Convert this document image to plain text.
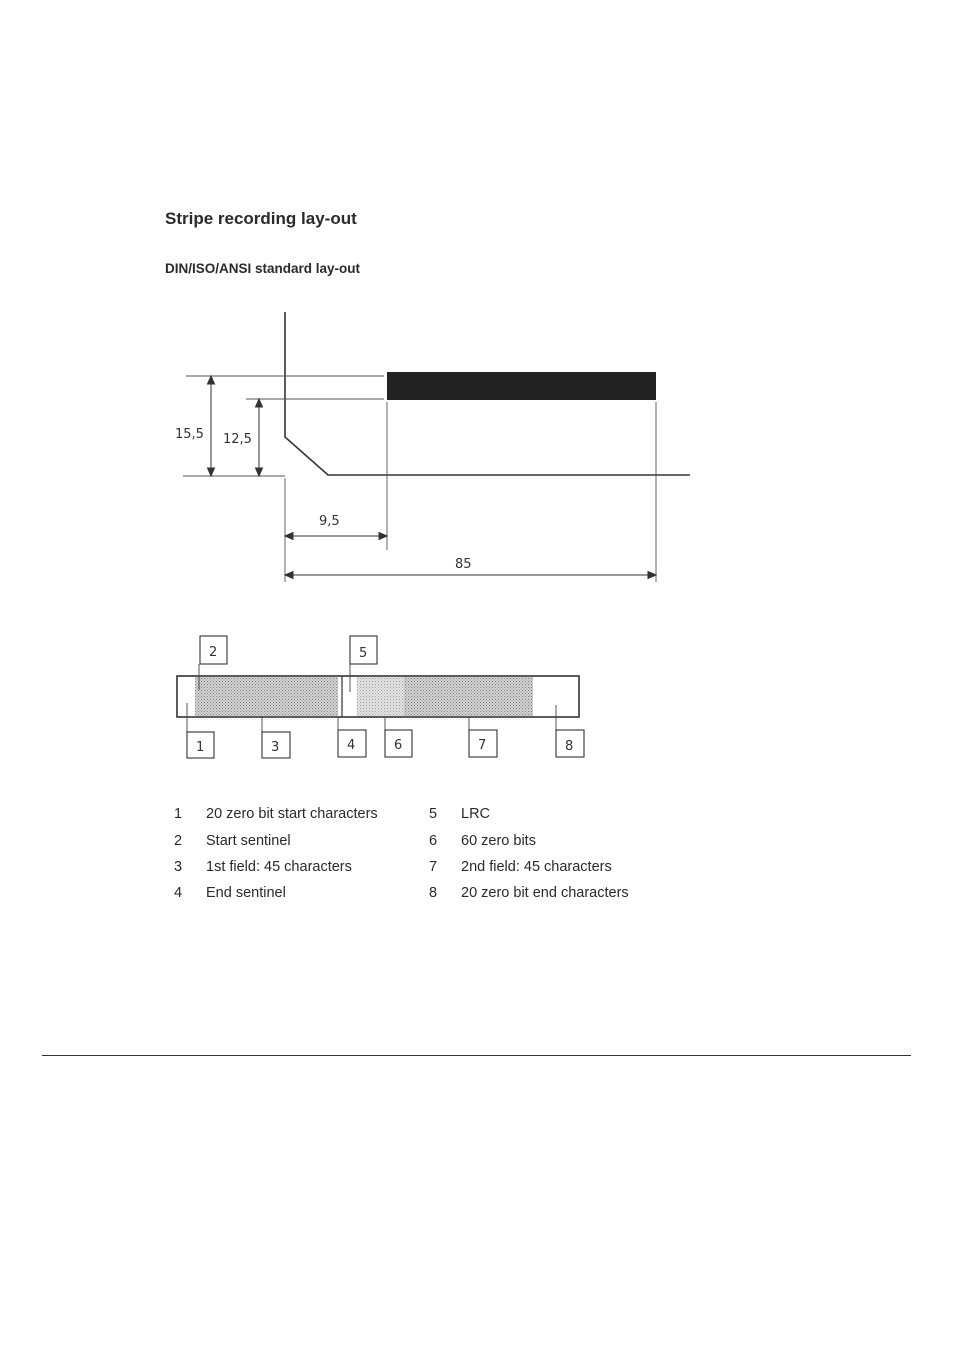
Stripe recording lay-out
DIN/ISO/ANSI standard lay-out
15,5 12,5
9,5
85
2	5
1	3	4	6	7	8
1	20 zero bit start characters
2	Start sentinel
3	1st field: 45 characters
4	End sentinel
5	LRC
6	60 zero bits
7	2nd field: 45 characters
8	20 zero bit end characters
